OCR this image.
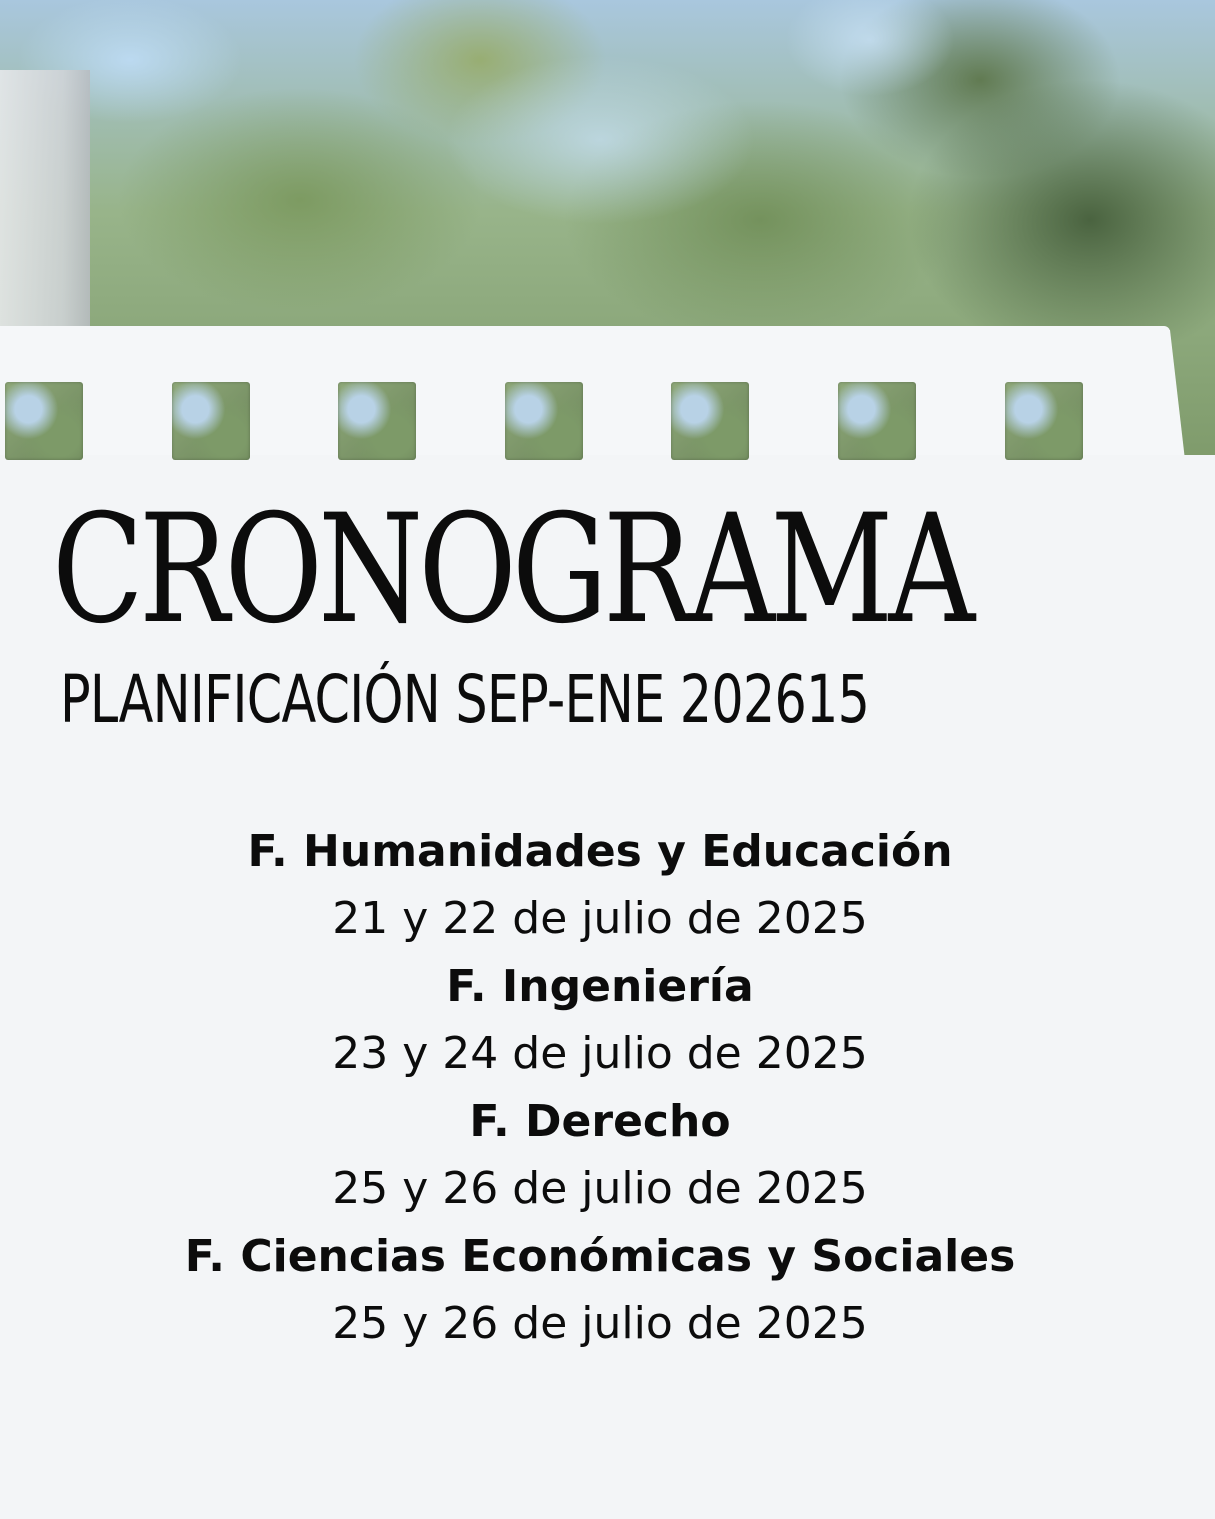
CRONOGRAMA
PLANIFICACIÓN SEP-ENE 202615
F. Humanidades y Educación
21 y 22 de julio de 2025
F. Ingeniería
23 y 24 de julio de 2025
F. Derecho
25 y 26 de julio de 2025
F. Ciencias Económicas y Sociales
25 y 26 de julio de 2025
